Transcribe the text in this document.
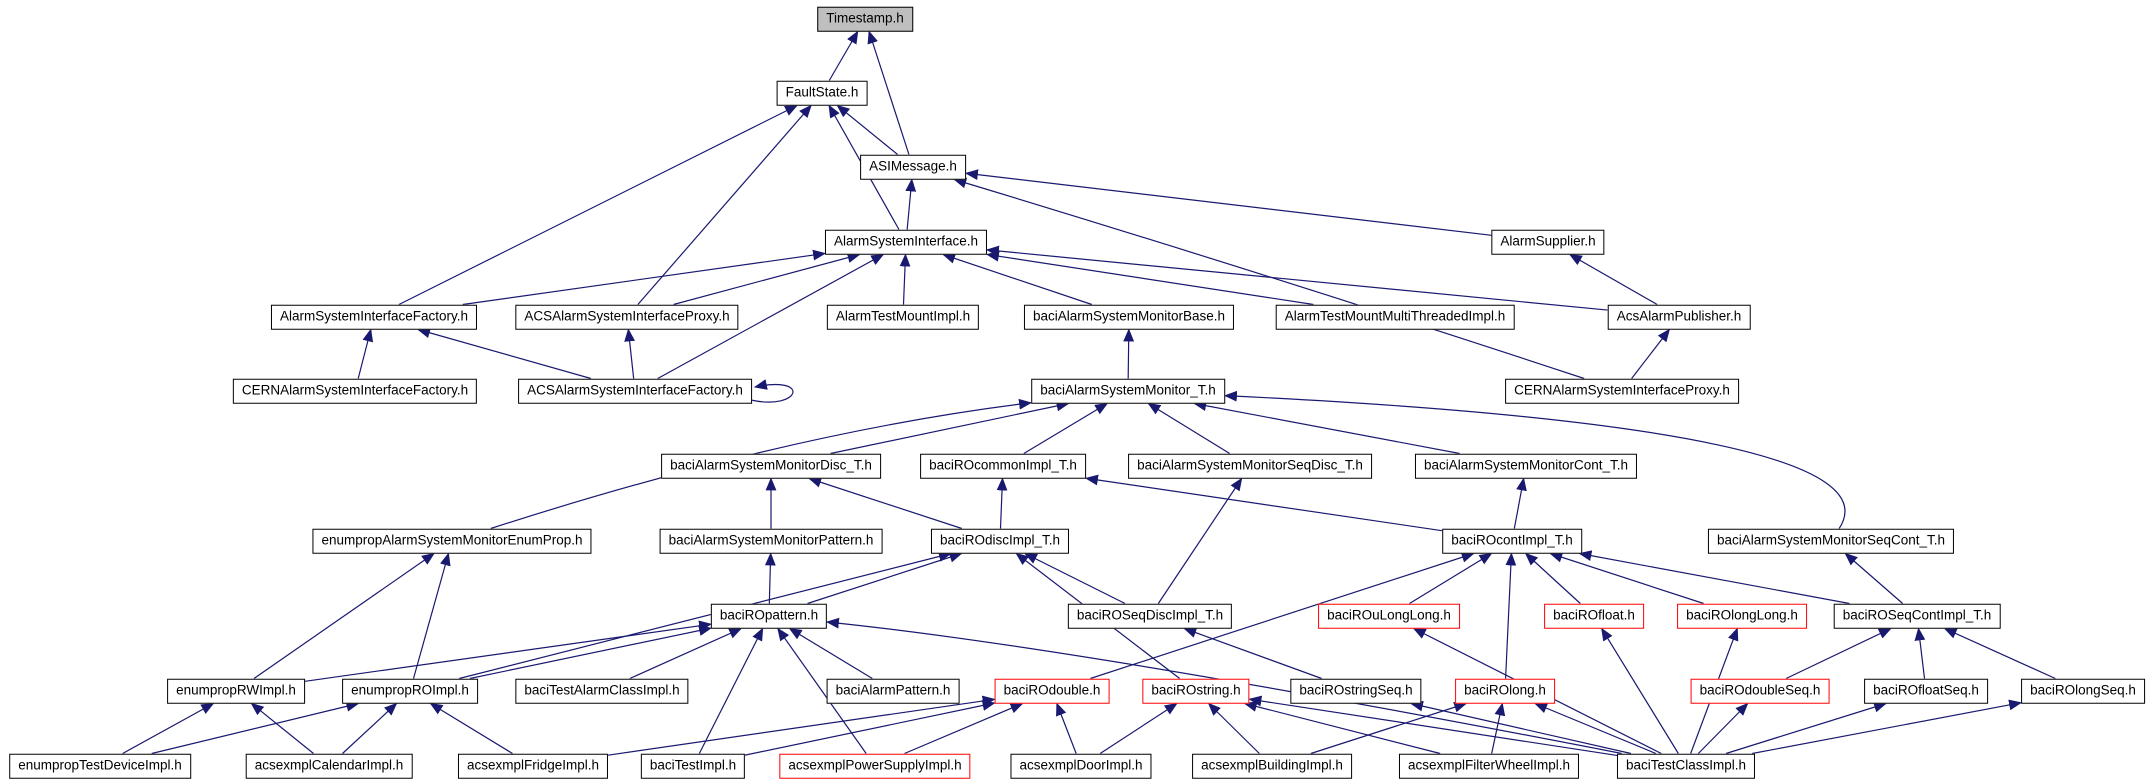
Timestamp.h
FaultState.h
ASIMessage.h
AlarmSystemInterface.h	AlarmSupplier.h
AlarmSystemInterfaceFactory.h	ACSAlarmSystemInterfaceProxy.h	AlarmTestMountImpl.h	baciAlarmSystemMonitorBase.h	AlarmTestMountMultiThreadedImpl.h	AcsAlarmPublisher.h
CERNAlarmSystemInterfaceFactory.h	ACSAlarmSystemInterfaceFactory.h	baciAlarmSystemMonitor_T.h	CERNAlarmSystemInterfaceProxy.h
baciAlarmSystemMonitorDisc_T.h	baciROcommonImpl_T.h	baciAlarmSystemMonitorSeqDisc_T.h	baciAlarmSystemMonitorCont_T.h
enumpropAlarmSystemMonitorEnumProp.h	baciAlarmSystemMonitorPattern.h	baciROdiscImpl_T.h	baciROcontImpl_T.h	baciAlarmSystemMonitorSeqCont_T.h
baciROpattern.h	baciROSeqDiscImpl_T.h	baciROuLongLong.h	baciROfloat.h	baciROlongLong.h	baciROSeqContImpl_T.h
enumpropRWImpl.h	enumpropROImpl.h	baciTestAlarmClassImpl.h	baciAlarmPattern.h	baciROdouble.h	baciROstring.h	baciROstringSeq.h	baciROlong.h	baciROdoubleSeq.h	baciROfloatSeq.h	baciROlongSeq.h
enumpropTestDeviceImpl.h	acsexmplCalendarImpl.h	acsexmplFridgeImpl.h	baciTestImpl.h	acsexmplPowerSupplyImpl.h	acsexmplDoorImpl.h	acsexmplBuildingImpl.h	acsexmplFilterWheelImpl.h	baciTestClassImpl.h
